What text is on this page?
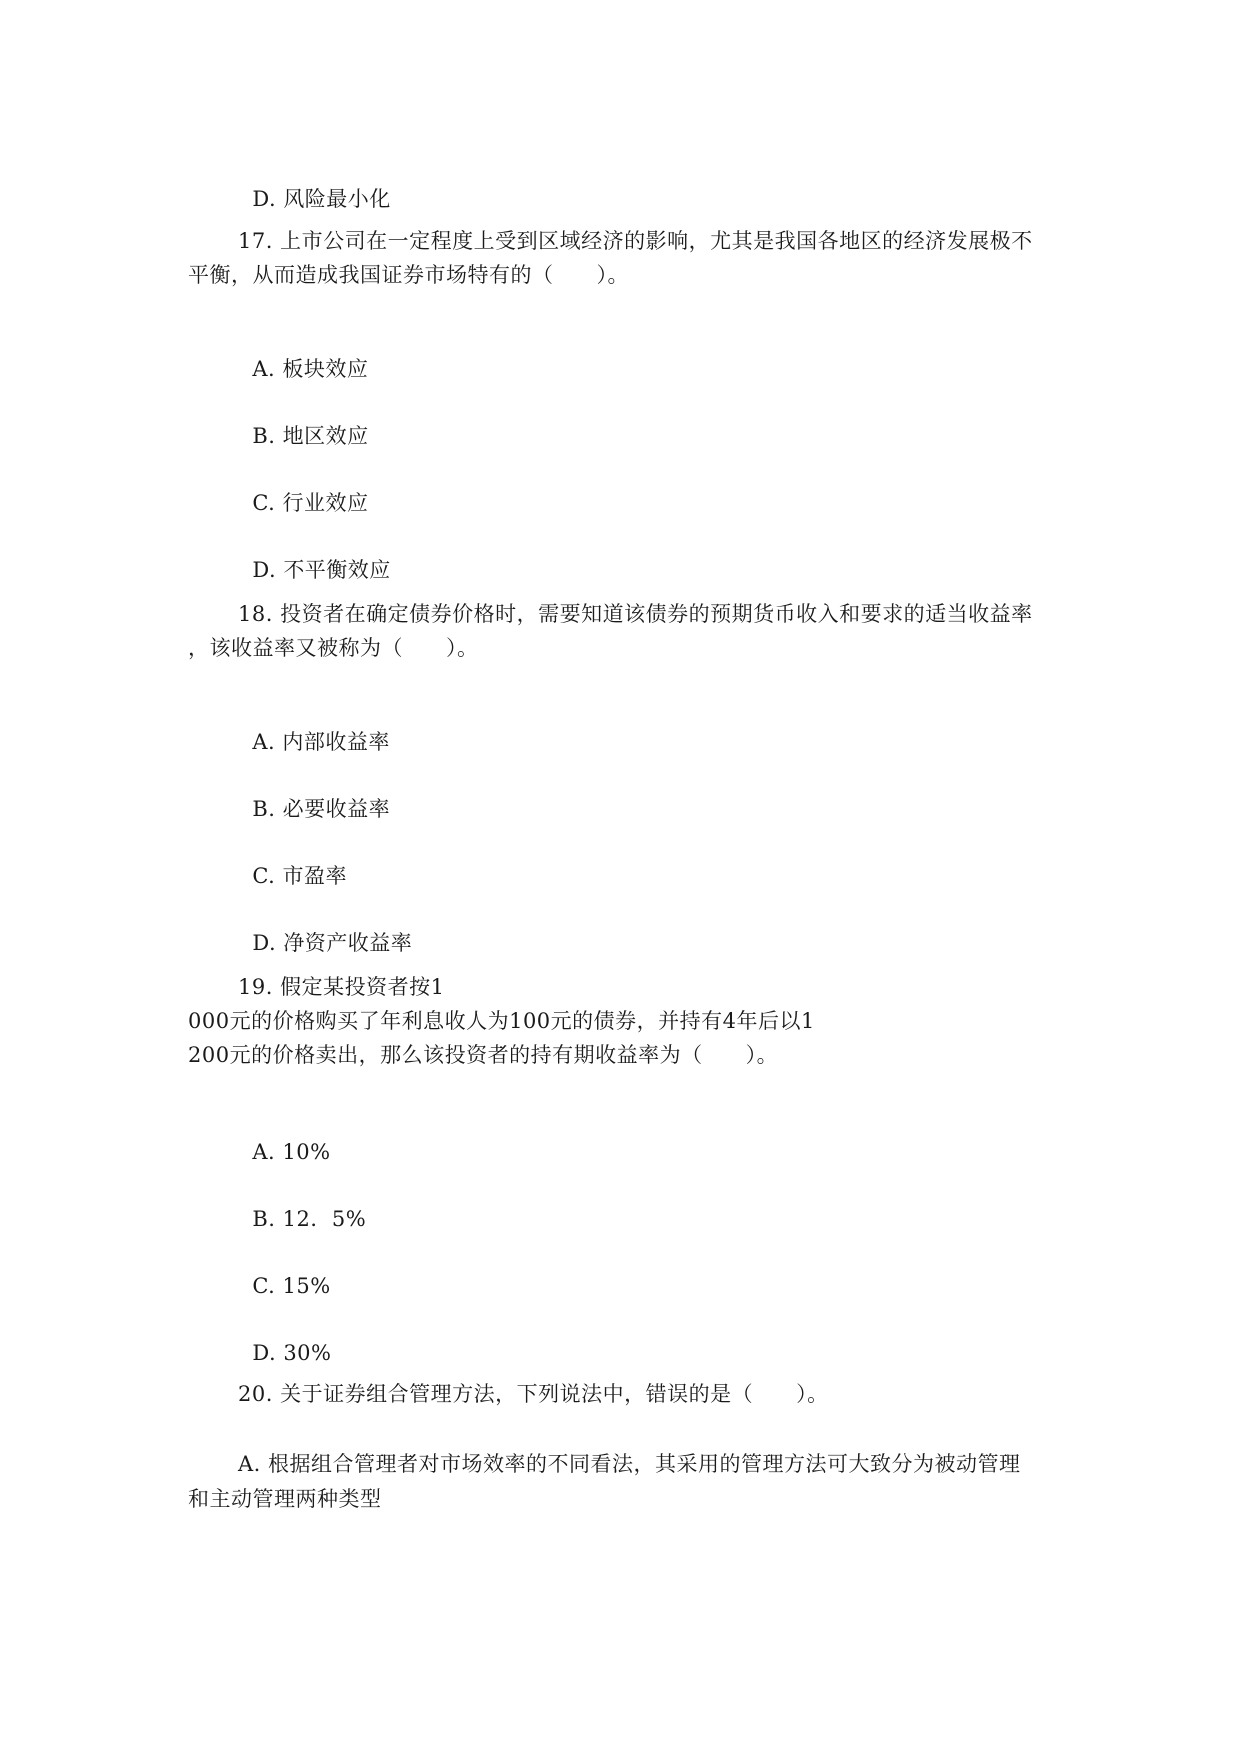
D. 风险最小化

17. 上市公司在一定程度上受到区域经济的影响，尤其是我国各地区的经济发展极不
平衡，从而造成我国证券市场特有的（　　）。

A. 板块效应

B. 地区效应

C. 行业效应

D. 不平衡效应

18. 投资者在确定债券价格时，需要知道该债券的预期货币收入和要求的适当收益率
，该收益率又被称为（　　）。

A. 内部收益率

B. 必要收益率

C. 市盈率

D. 净资产收益率

19. 假定某投资者按1
000元的价格购买了年利息收人为100元的债券，并持有4年后以1
200元的价格卖出，那么该投资者的持有期收益率为（　　）。

A. 10%

B. 12．5%

C. 15%

D. 30%

20. 关于证券组合管理方法，下列说法中，错误的是（　　）。
A. 根据组合管理者对市场效率的不同看法，其采用的管理方法可大致分为被动管理
和主动管理两种类型
